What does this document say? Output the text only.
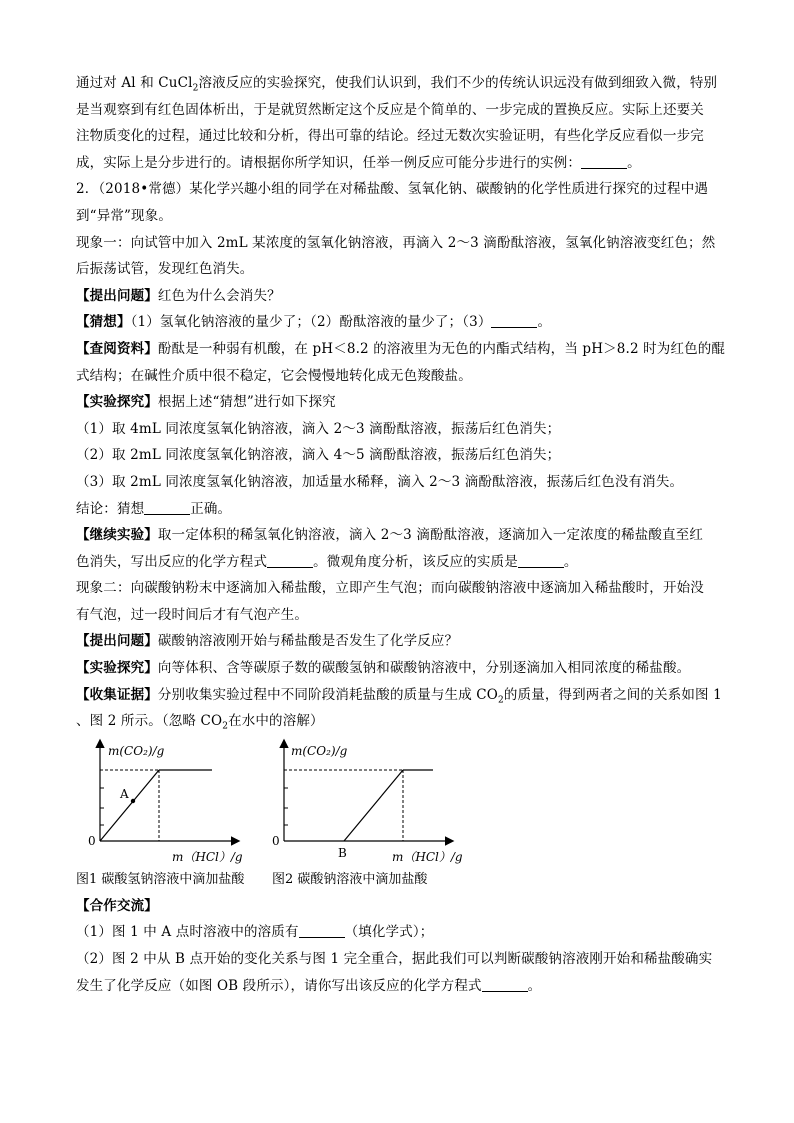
通过对 Al 和 CuCl$_2$溶液反应的实验探究，使我们认识到，我们不少的传统认识远没有做到细致入微，特别
是当观察到有红色固体析出，于是就贸然断定这个反应是个简单的、一步完成的置换反应。实际上还要关
注物质变化的过程，通过比较和分析，得出可靠的结论。经过无数次实验证明，有些化学反应看似一步完
成，实际上是分步进行的。请根据你所学知识，任举一例反应可能分步进行的实例：	。
2．（2018•常德）某化学兴趣小组的同学在对稀盐酸、氢氧化钠、碳酸钠的化学性质进行探究的过程中遇
到“异常”现象。
现象一：向试管中加入 2mL 某浓度的氢氧化钠溶液，再滴入 2～3 滴酚酞溶液，氢氧化钠溶液变红色；然
后振荡试管，发现红色消失。
【提出问题】红色为什么会消失？
【猜想】（1）氢氧化钠溶液的量少了；（2）酚酞溶液的量少了；（3）	。
【查阅资料】酚酞是一种弱有机酸，在 pH＜8.2 的溶液里为无色的内酯式结构，当 pH＞8.2 时为红色的醌
式结构；在碱性介质中很不稳定，它会慢慢地转化成无色羧酸盐。
【实验探究】根据上述“猜想”进行如下探究
（1）取 4mL 同浓度氢氧化钠溶液，滴入 2～3 滴酚酞溶液，振荡后红色消失；
（2）取 2mL 同浓度氢氧化钠溶液，滴入 4～5 滴酚酞溶液，振荡后红色消失；
（3）取 2mL 同浓度氢氧化钠溶液，加适量水稀释，滴入 2～3 滴酚酞溶液，振荡后红色没有消失。
结论：猜想	正确。
【继续实验】取一定体积的稀氢氧化钠溶液，滴入 2～3 滴酚酞溶液，逐滴加入一定浓度的稀盐酸直至红
色消失，写出反应的化学方程式	。微观角度分析，该反应的实质是	。
现象二：向碳酸钠粉末中逐滴加入稀盐酸，立即产生气泡；而向碳酸钠溶液中逐滴加入稀盐酸时，开始没
有气泡，过一段时间后才有气泡产生。
【提出问题】碳酸钠溶液刚开始与稀盐酸是否发生了化学反应？
【实验探究】向等体积、含等碳原子数的碳酸氢钠和碳酸钠溶液中，分别逐滴加入相同浓度的稀盐酸。
【收集证据】分别收集实验过程中不同阶段消耗盐酸的质量与生成 $CO_2$的质量，得到两者之间的关系如图 1
、图 2 所示。（忽略 $CO_2$在水中的溶解）
A
m(CO₂)/g
0
m（HCl）/g
图1 碳酸氢钠溶液中滴加盐酸
B
m(CO₂)/g
0
m（HCl）/g
图2 碳酸钠溶液中滴加盐酸
【合作交流】
（1）图 1 中 A 点时溶液中的溶质有	（填化学式）；
（2）图 2 中从 B 点开始的变化关系与图 1 完全重合，据此我们可以判断碳酸钠溶液刚开始和稀盐酸确实
发生了化学反应（如图 OB 段所示），请你写出该反应的化学方程式	。
